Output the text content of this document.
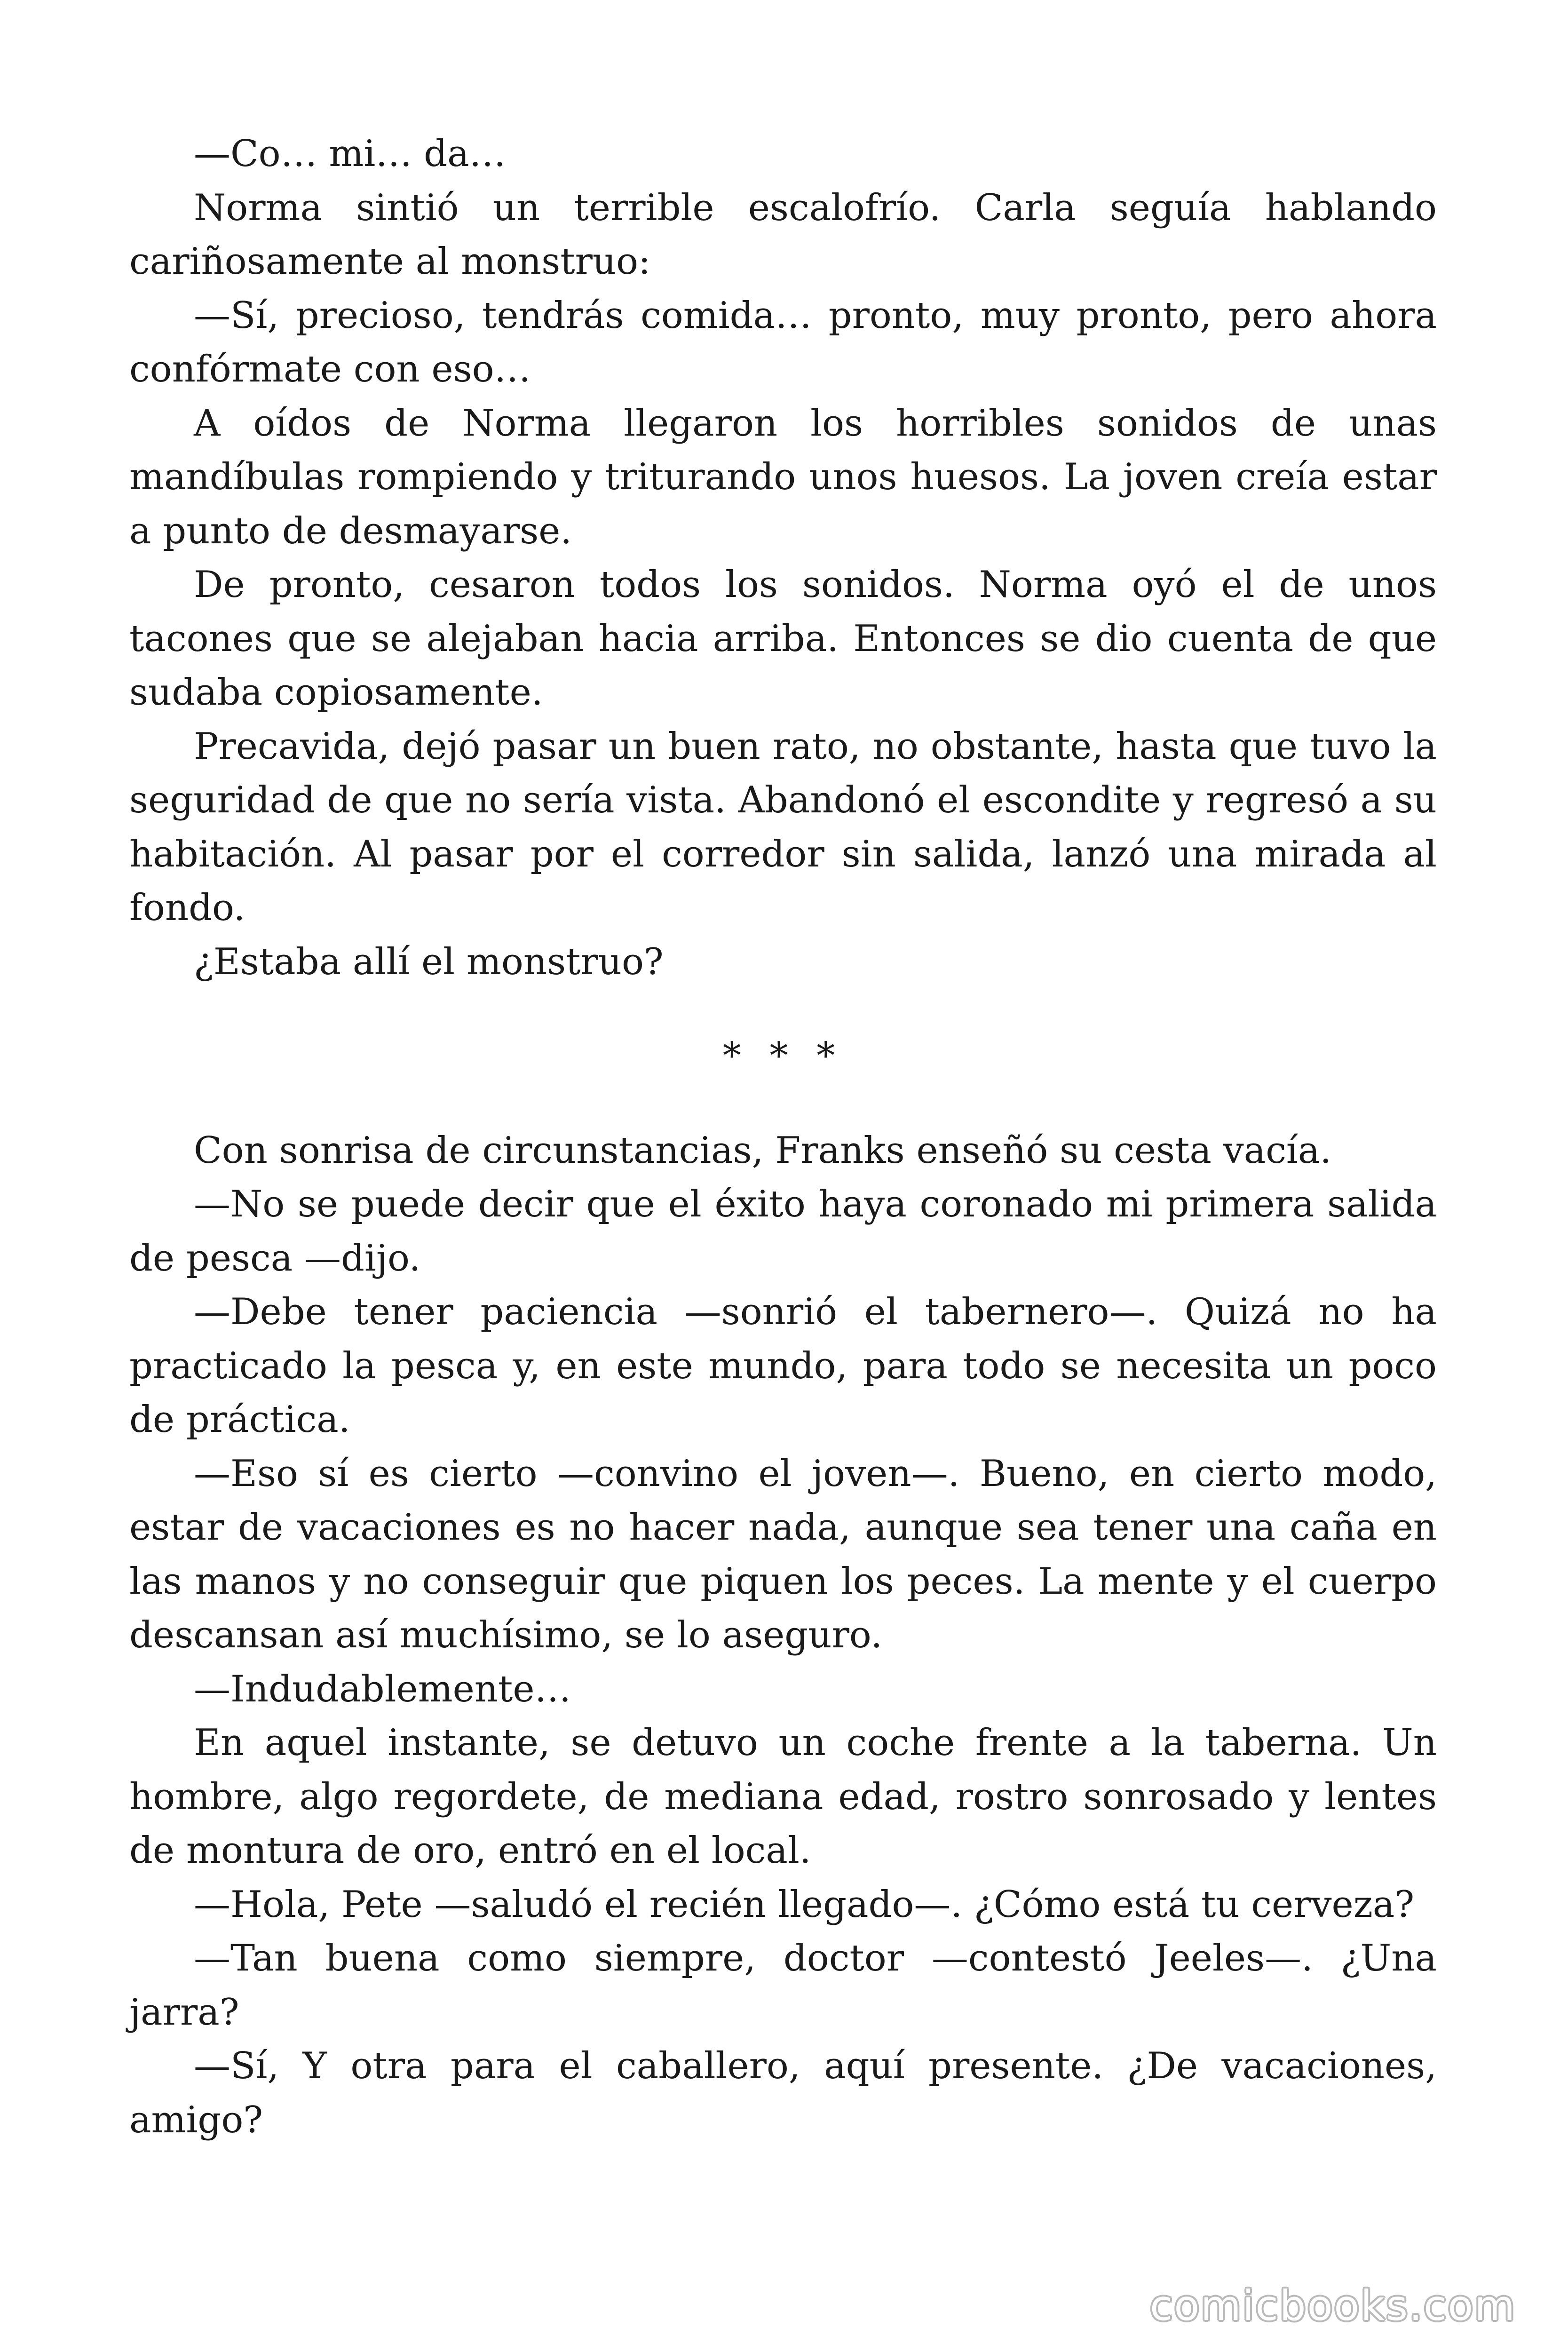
—Co… mi… da…

Norma sintió un terrible escalofrío. Carla seguía hablando cariñosamente al monstruo:

—Sí, precioso, tendrás comida… pronto, muy pronto, pero ahora confórmate con eso…

A oídos de Norma llegaron los horribles sonidos de unas mandíbulas rompiendo y triturando unos huesos. La joven creía estar a punto de desmayarse.

De pronto, cesaron todos los sonidos. Norma oyó el de unos tacones que se alejaban hacia arriba. Entonces se dio cuenta de que sudaba copiosamente.

Precavida, dejó pasar un buen rato, no obstante, hasta que tuvo la seguridad de que no sería vista. Abandonó el escondite y regresó a su habitación. Al pasar por el corredor sin salida, lanzó una mirada al fondo.

¿Estaba allí el monstruo?

* * *

Con sonrisa de circunstancias, Franks enseñó su cesta vacía.

—No se puede decir que el éxito haya coronado mi primera salida de pesca —dijo.

—Debe tener paciencia —sonrió el tabernero—. Quizá no ha practicado la pesca y, en este mundo, para todo se necesita un poco de práctica.

—Eso sí es cierto —convino el joven—. Bueno, en cierto modo, estar de vacaciones es no hacer nada, aunque sea tener una caña en las manos y no conseguir que piquen los peces. La mente y el cuerpo descansan así muchísimo, se lo aseguro.

—Indudablemente…

En aquel instante, se detuvo un coche frente a la taberna. Un hombre, algo regordete, de mediana edad, rostro sonrosado y lentes de montura de oro, entró en el local.

—Hola, Pete —saludó el recién llegado—. ¿Cómo está tu cerveza?

—Tan buena como siempre, doctor —contestó Jeeles—. ¿Una jarra?

—Sí, Y otra para el caballero, aquí presente. ¿De vacaciones, amigo?

comicbooks.com
